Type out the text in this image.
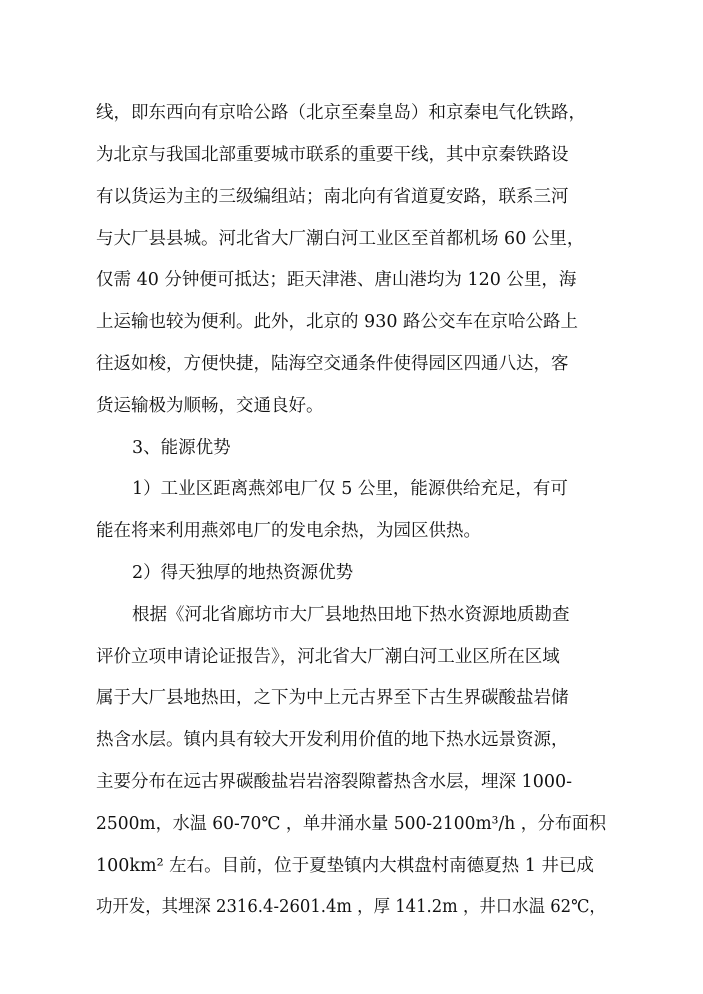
线，即东西向有京哈公路（北京至秦皇岛）和京秦电气化铁路，
为北京与我国北部重要城市联系的重要干线，其中京秦铁路设
有以货运为主的三级编组站；南北向有省道夏安路，联系三河
与大厂县县城。河北省大厂潮白河工业区至首都机场 60 公里，
仅需 40 分钟便可抵达；距天津港、唐山港均为 120 公里，海
上运输也较为便利。此外，北京的 930 路公交车在京哈公路上
往返如梭，方便快捷，陆海空交通条件使得园区四通八达，客
货运输极为顺畅，交通良好。
3、能源优势
1）工业区距离燕郊电厂仅 5 公里，能源供给充足，有可
能在将来利用燕郊电厂的发电余热，为园区供热。
2）得天独厚的地热资源优势
根据《河北省廊坊市大厂县地热田地下热水资源地质勘查
评价立项申请论证报告》，河北省大厂潮白河工业区所在区域
属于大厂县地热田，之下为中上元古界至下古生界碳酸盐岩储
热含水层。镇内具有较大开发利用价值的地下热水远景资源，
主要分布在远古界碳酸盐岩岩溶裂隙蓄热含水层，埋深 1000-
2500m，水温 60-70℃ ，单井涌水量 500-2100m³/h ，分布面积
100km² 左右。目前，位于夏垫镇内大棋盘村南德夏热 1 井已成
功开发，其埋深 2316.4-2601.4m ，厚 141.2m ，井口水温 62℃，
